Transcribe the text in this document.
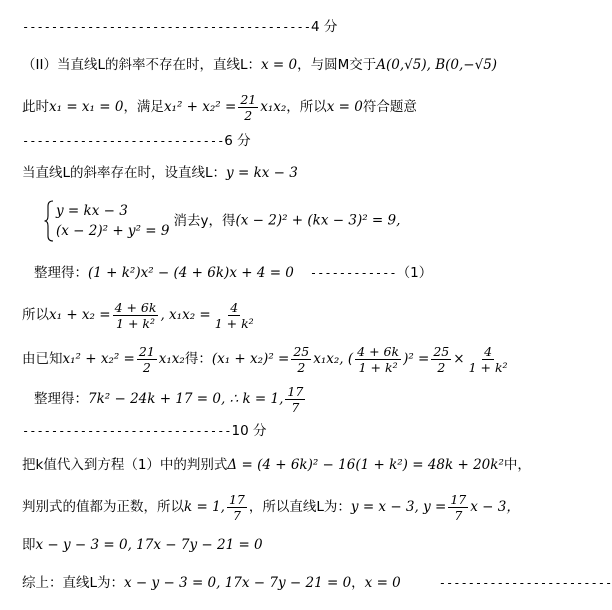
----------------------------------------4 分
（II）当直线L的斜率不存在时，直线L：x = 0，与圆M交于A(0,√5), B(0,−√5)
此时x₁ = x₁ = 0，满足$x_1^2 + x_2^2 = \frac{21}{2} x_1x_2$，所以x = 0符合题意
----------------------------6 分
当直线L的斜率存在时，设直线L：y = kx − 3
y = kx − 3
(x − 2)² + y² = 9
消去y，得(x − 2)² + (kx − 3)² = 9,
整理得：(1 + k²)x² − (4 + 6k)x + 4 = 0 ------------（1）
所以$x_1 + x_2 = \frac{4 + 6k}{\text{1 + k²}}$ , $x_1x_2 = \frac{4}{\text{1 + k²}}$
由已知$x_1^2 + x_2^2 = \frac{21}{2} x_1x_2$得：$(x_1 + x_2)^2 = \frac{25}{2} x_1x_2$, ( $\frac{4 + 6k}{\text{1 + k²}} )^2 = \frac{25}{2} \times \frac{4}{\text{1 + k²}}$
整理得：7k² − 24k + 17 = 0, ∴ k = 1, $\frac{17}{7}$
-----------------------------10 分
把k值代入到方程（1）中的判别式Δ = (4 + 6k)² − 16(1 + k²) = 48k + 20k²中，
判别式的值都为正数，所以k = 1, $\frac{17}{7}$ ，所以直线L为：y = x − 3, $y = \frac{17}{7}$ x − 3，
即x − y − 3 = 0, 17x − 7y − 21 = 0
综上：直线L为：x − y − 3 = 0, 17x − 7y − 21 = 0，x = 0	------------------------
